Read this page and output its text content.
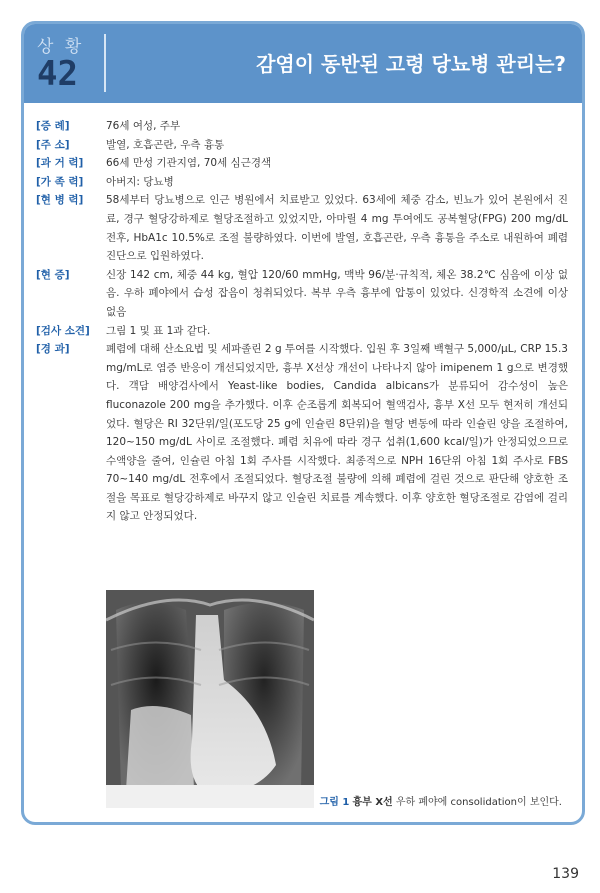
상 황
42	감염이 동반된 고령 당뇨병 관리는?
[증 례]	76세 여성, 주부
[주 소]	발열, 호흡곤란, 우측 흉통
[과 거 력]	66세 만성 기관지염, 70세 심근경색
[가 족 력]	아버지: 당뇨병
[현 병 력]	58세부터 당뇨병으로 인근 병원에서 치료받고 있었다. 63세에 체중 감소, 빈뇨가 있어 본원에서 진료, 경구 혈당강하제로 혈당조절하고 있었지만, 아마릴 4 mg 투여에도 공복혈당(FPG) 200 mg/dL 전후, HbA1c 10.5%로 조절 불량하였다. 이번에 발열, 호흡곤란, 우측 흉통을 주소로 내원하여 폐렴 진단으로 입원하였다.
[현 증]	신장 142 cm, 체중 44 kg, 혈압 120/60 mmHg, 맥박 96/분·규칙적, 체온 38.2℃ 심음에 이상 없음. 우하 폐야에서 습성 잡음이 청취되었다. 복부 우측 흉부에 압통이 있었다. 신경학적 소견에 이상 없음
[검사 소견]	그림 1 및 표 1과 같다.
[경 과]	폐렴에 대해 산소요법 및 세파졸린 2 g 투여를 시작했다. 입원 후 3일째 백혈구 5,000/μL, CRP 15.3 mg/mL로 염증 반응이 개선되었지만, 흉부 X선상 개선이 나타나지 않아 imipenem 1 g으로 변경했다. 객담 배양검사에서 Yeast-like bodies, Candida albicans가 분류되어 감수성이 높은 fluconazole 200 mg을 추가했다. 이후 순조롭게 회복되어 혈액검사, 흉부 X선 모두 현저히 개선되었다. 혈당은 RI 32단위/일(포도당 25 g에 인슐린 8단위)을 혈당 변동에 따라 인슐린 양을 조절하여, 120~150 mg/dL 사이로 조절했다. 폐렴 치유에 따라 경구 섭취(1,600 kcal/일)가 안정되었으므로 수액양을 줄여, 인슐린 아침 1회 주사를 시작했다. 최종적으로 NPH 16단위 아침 1회 주사로 FBS 70~140 mg/dL 전후에서 조절되었다. 혈당조절 불량에 의해 폐렴에 걸린 것으로 판단해 양호한 조절을 목표로 혈당강하제로 바꾸지 않고 인슐린 치료를 계속했다. 이후 양호한 혈당조절로 감염에 걸리지 않고 안정되었다.
그림 1 흉부 X선 우하 폐야에 consolidation이 보인다.
139
